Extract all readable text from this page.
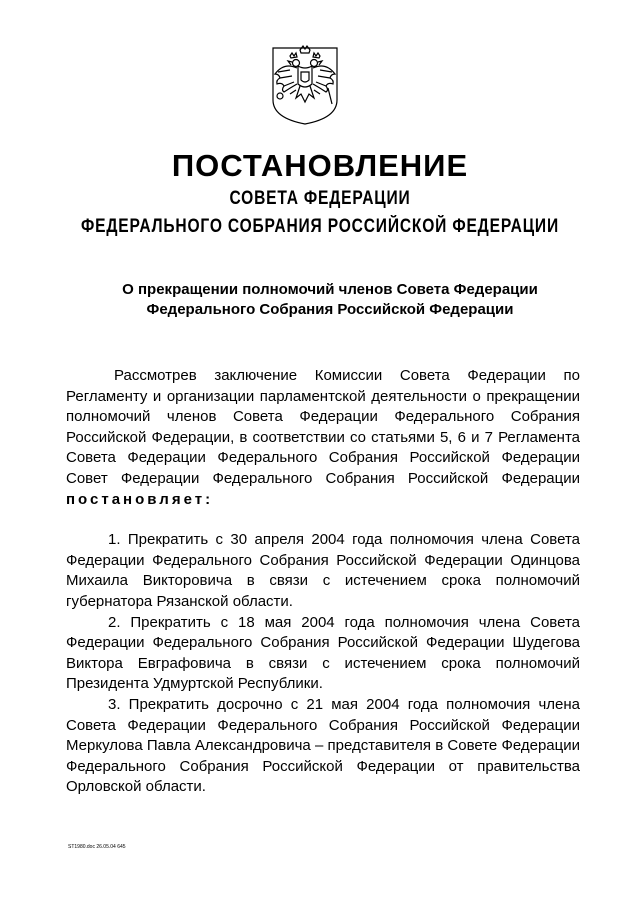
ПОСТАНОВЛЕНИЕ
СОВЕТА ФЕДЕРАЦИИ
ФЕДЕРАЛЬНОГО СОБРАНИЯ РОССИЙСКОЙ ФЕДЕРАЦИИ
О прекращении полномочий членов Совета Федерации
Федерального Собрания Российской Федерации

Рассмотрев заключение Комиссии Совета Федерации по Регламенту и организации парламентской деятельности о прекращении полномочий членов Совета Федерации Федерального Собрания Российской Федерации, в соответствии со статьями 5, 6 и 7 Регламента Совета Федерации Федерального Собрания Российской Федерации Совет Федерации Федерального Собрания Российской Федерации постановляет:

1. Прекратить с 30 апреля 2004 года полномочия члена Совета Федерации Федерального Собрания Российской Федерации Одинцова Михаила Викторовича в связи с истечением срока полномочий губернатора Рязанской области.

2. Прекратить с 18 мая 2004 года полномочия члена Совета Федерации Федерального Собрания Российской Федерации Шудегова Виктора Евграфовича в связи с истечением срока полномочий Президента Удмуртской Республики.

3. Прекратить досрочно с 21 мая 2004 года полномочия члена Совета Федерации Федерального Собрания Российской Федерации Меркулова Павла Александровича – представителя в Совете Федерации Федерального Собрания Российской Федерации от правительства Орловской области.

ST1980.doc 26.05.04 645
